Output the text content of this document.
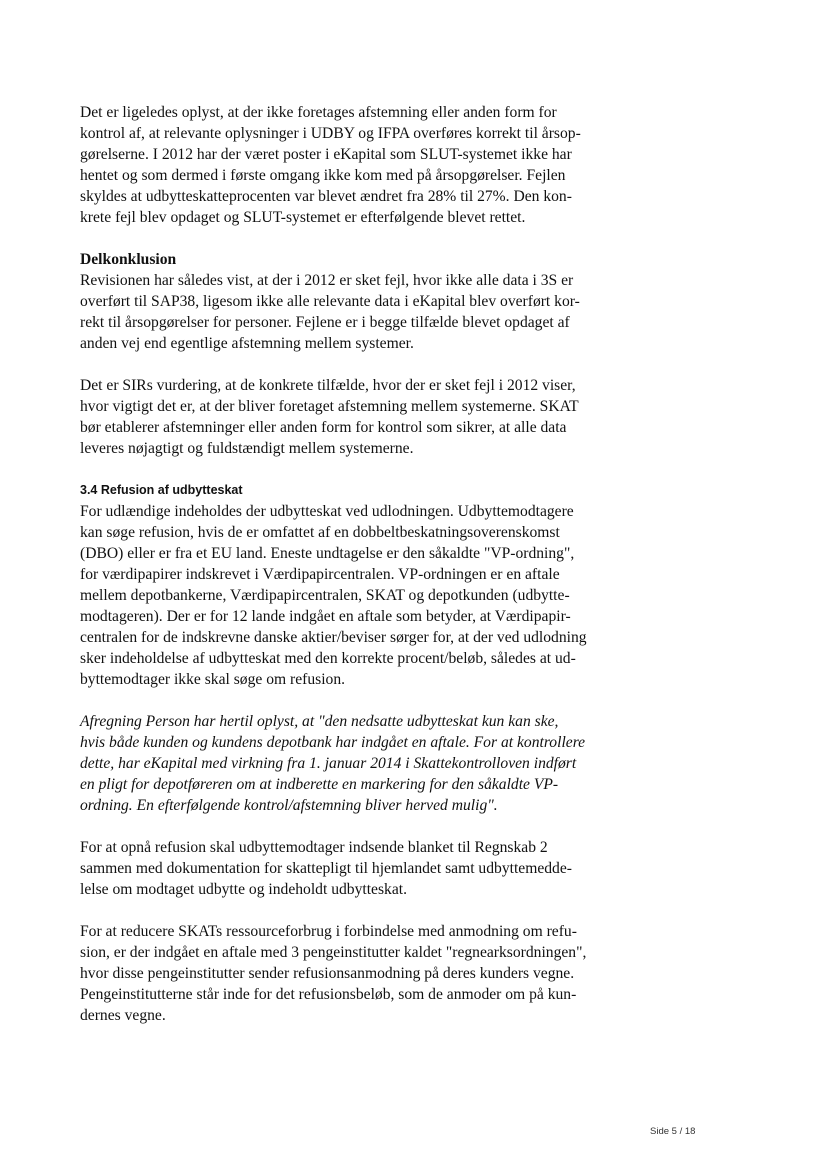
Det er ligeledes oplyst, at der ikke foretages afstemning eller anden form for
kontrol af, at relevante oplysninger i UDBY og IFPA overføres korrekt til årsop-
gørelserne. I 2012 har der været poster i eKapital som SLUT-systemet ikke har
hentet og som dermed i første omgang ikke kom med på årsopgørelser. Fejlen
skyldes at udbytteskatteprocenten var blevet ændret fra 28% til 27%. Den kon-
krete fejl blev opdaget og SLUT-systemet er efterfølgende blevet rettet.
Delkonklusion
Revisionen har således vist, at der i 2012 er sket fejl, hvor ikke alle data i 3S er
overført til SAP38, ligesom ikke alle relevante data i eKapital blev overført kor-
rekt til årsopgørelser for personer. Fejlene er i begge tilfælde blevet opdaget af
anden vej end egentlige afstemning mellem systemer.
Det er SIRs vurdering, at de konkrete tilfælde, hvor der er sket fejl i 2012 viser,
hvor vigtigt det er, at der bliver foretaget afstemning mellem systemerne. SKAT
bør etablerer afstemninger eller anden form for kontrol som sikrer, at alle data
leveres nøjagtigt og fuldstændigt mellem systemerne.
3.4 Refusion af udbytteskat
For udlændige indeholdes der udbytteskat ved udlodningen. Udbyttemodtagere
kan søge refusion, hvis de er omfattet af en dobbeltbeskatningsoverenskomst
(DBO) eller er fra et EU land. Eneste undtagelse er den såkaldte "VP-ordning",
for værdipapirer indskrevet i Værdipapircentralen. VP-ordningen er en aftale
mellem depotbankerne, Værdipapircentralen, SKAT og depotkunden (udbytte-
modtageren). Der er for 12 lande indgået en aftale som betyder, at Værdipapir-
centralen for de indskrevne danske aktier/beviser sørger for, at der ved udlodning
sker indeholdelse af udbytteskat med den korrekte procent/beløb, således at ud-
byttemodtager ikke skal søge om refusion.
Afregning Person har hertil oplyst, at "den nedsatte udbytteskat kun kan ske,
hvis både kunden og kundens depotbank har indgået en aftale. For at kontrollere
dette, har eKapital med virkning fra 1. januar 2014 i Skattekontrolloven indført
en pligt for depotføreren om at indberette en markering for den såkaldte VP-
ordning. En efterfølgende kontrol/afstemning bliver herved mulig".
For at opnå refusion skal udbyttemodtager indsende blanket til Regnskab 2
sammen med dokumentation for skattepligt til hjemlandet samt udbyttemedde-
lelse om modtaget udbytte og indeholdt udbytteskat.
For at reducere SKATs ressourceforbrug i forbindelse med anmodning om refu-
sion, er der indgået en aftale med 3 pengeinstitutter kaldet "regnearksordningen",
hvor disse pengeinstitutter sender refusionsanmodning på deres kunders vegne.
Pengeinstitutterne står inde for det refusionsbeløb, som de anmoder om på kun-
dernes vegne.
Side 5 / 18
